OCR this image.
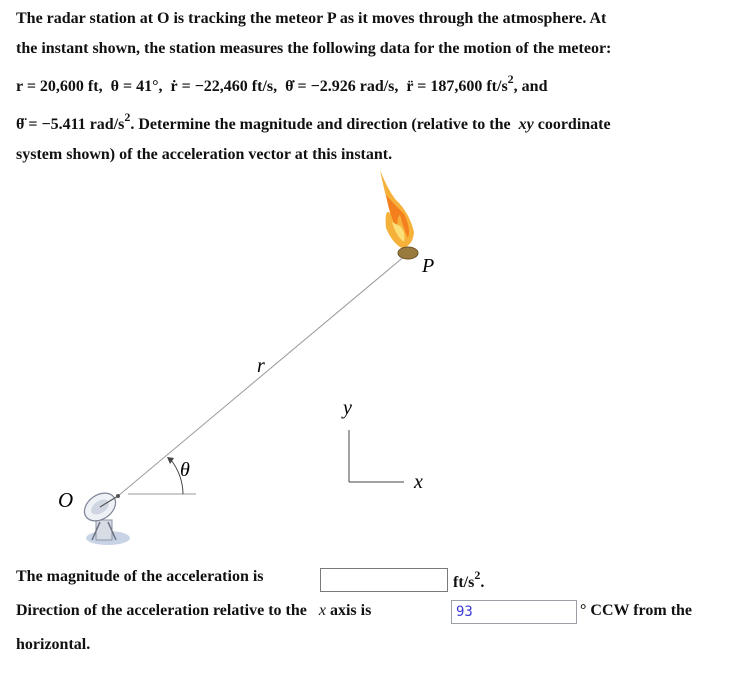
The radar station at O is tracking the meteor P as it moves through the atmosphere. At

the instant shown, the station measures the following data for the motion of the meteor:

r = 20,600 ft, θ = 41°, ṙ = −22,460 ft/s, θ̇ = −2.926 rad/s, r̈ = 187,600 $ft/s^2$, and

θ̈ = −5.411 rad/$s^2$. Determine the magnitude and direction (relative to the xy coordinate

system shown) of the acceleration vector at this instant.

O
P
r
θ
y
x
The magnitude of the acceleration is	$ft/s^2$.
Direction of the acceleration relative to the x axis is	93	° CCW from the
horizontal.
